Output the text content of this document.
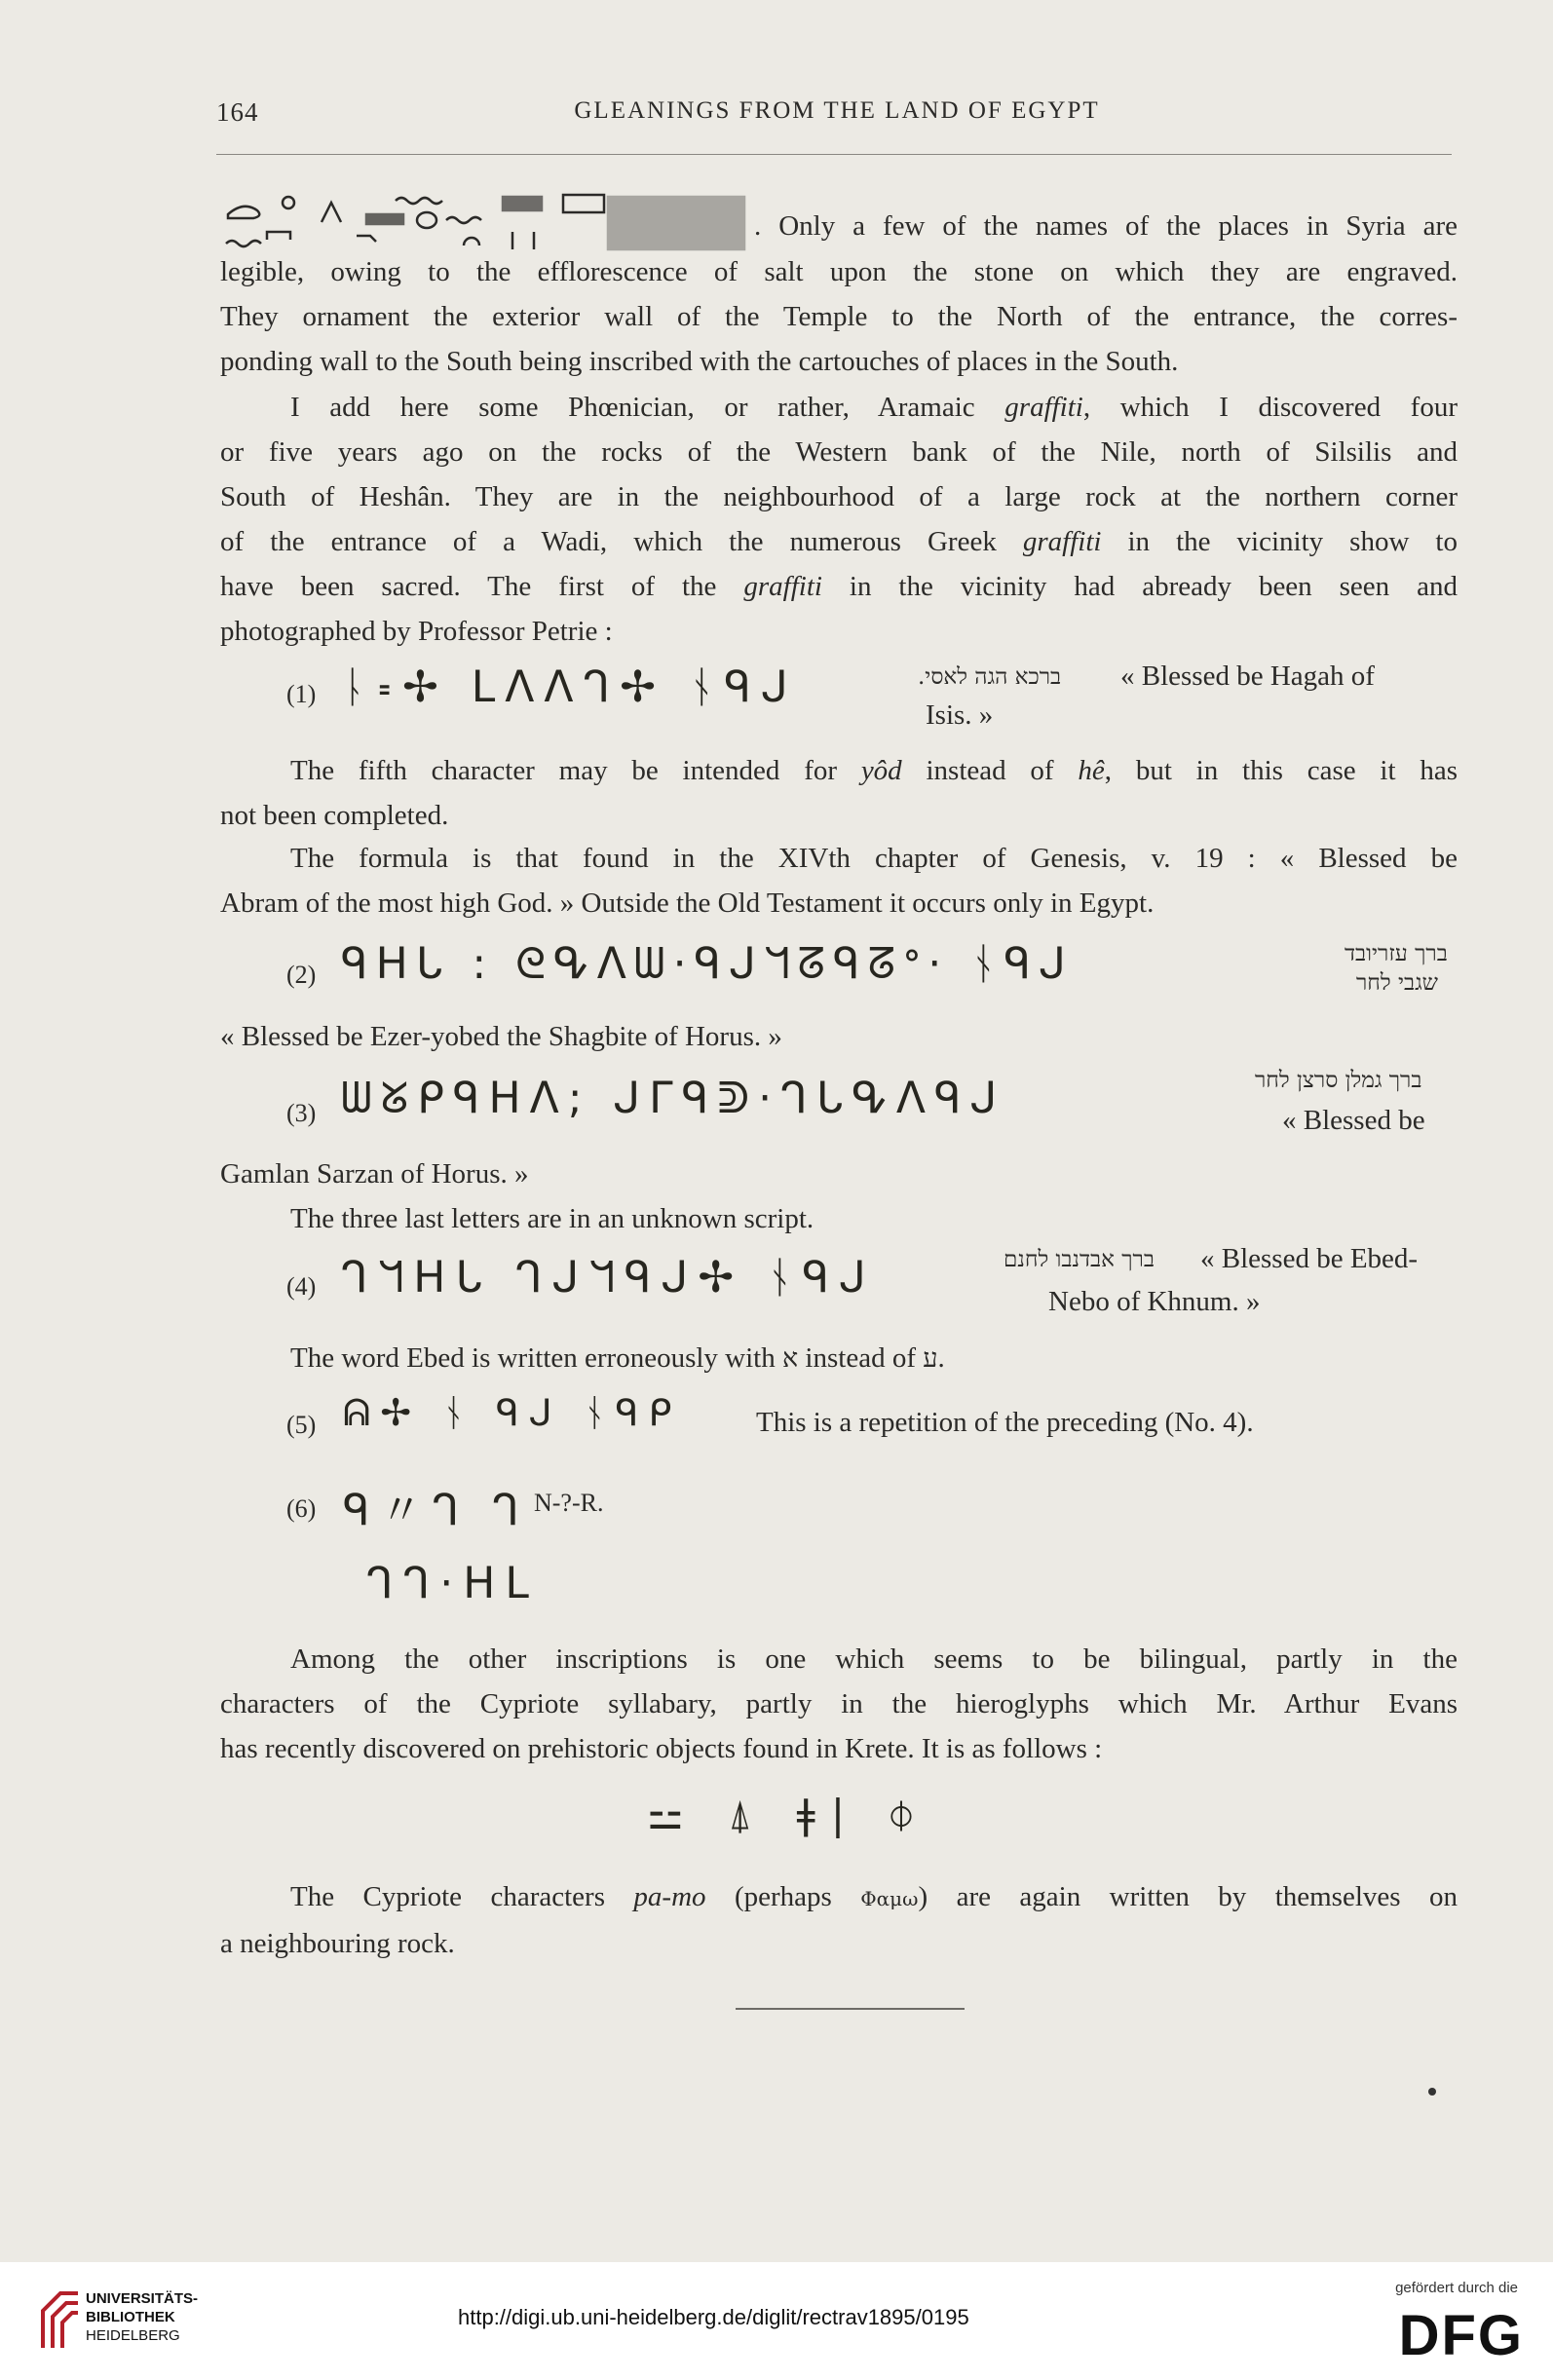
164	GLEANINGS FROM THE LAND OF EGYPT
. Only a few of the names of the places in Syria are
legible, owing to the efflorescence of salt upon the stone on which they are engraved.
They ornament the exterior wall of the Temple to the North of the entrance, the corres-
ponding wall to the South being inscribed with the cartouches of places in the South.
I add here some Phœnician, or rather, Aramaic graffiti, which I discovered four
or five years ago on the rocks of the Western bank of the Nile, north of Silsilis and
South of Heshân. They are in the neighbourhood of a large rock at the northern corner
of the entrance of a Wadi, which the numerous Greek graffiti in the vicinity show to
have been sacred. The first of the graffiti in the vicinity had abready been seen and
photographed by Professor Petrie :
(1) ᚿ꞊✢ ᒪᐱᐱᒉ✢ ᚾᑫᒍ	ברכא הגה לאסי. « Blessed be Hagah of
Isis. »
The fifth character may be intended for yôd instead of hê, but in this case it has
not been completed.
The formula is that found in the XIVth chapter of Genesis, v. 19 : « Blessed be
Abram of the most high God. » Outside the Old Testament it occurs only in Egypt.
(2) ᑫᕼᒐ : ᘓᕴᐱᗯ·ᑫᒍᖻᘔᑫᘔᐤ· ᚾᑫᒍ	ברך עזריובד
שגבי לחר
« Blessed be Ezer-yobed the Shagbite of Horus. »
(3) ᗯᘜᑭᑫᕼᐱ; ᒍᒥᑫᕲ·ᒉᒐᕴᐱᑫᒍ	ברך גמלן סרצן לחר
« Blessed be
Gamlan Sarzan of Horus. »
The three last letters are in an unknown script.
(4) ᒉᖻᕼᒐ ᒉᒍᖻᑫᒍ✢ ᚾᑫᒍ	ברך אבדנבו לחנם « Blessed be Ebed-
Nebo of Khnum. »
The word Ebed is written erroneously with א instead of ע.
(5) ᕱ✢ ᚾ ᑫᒍ ᚾᑫᑭ	This is a repetition of the preceding (No. 4).
(6) ᑫ〃ᒉ ᒉ N-?-R.
ᒉᒉ·ᕼᒪ
Among the other inscriptions is one which seems to be bilingual, partly in the
characters of the Cypriote syllabary, partly in the hieroglyphs which Mr. Arthur Evans
has recently discovered on prehistoric objects found in Krete. It is as follows :
⚍ ⍋ ǂ| ⏀
The Cypriote characters pa-mo (perhaps Φαμω) are again written by themselves on
a neighbouring rock.
UNIVERSITÄTS-
BIBLIOTHEK
HEIDELBERG
http://digi.ub.uni-heidelberg.de/diglit/rectrav1895/0195
gefördert durch die
DFG
